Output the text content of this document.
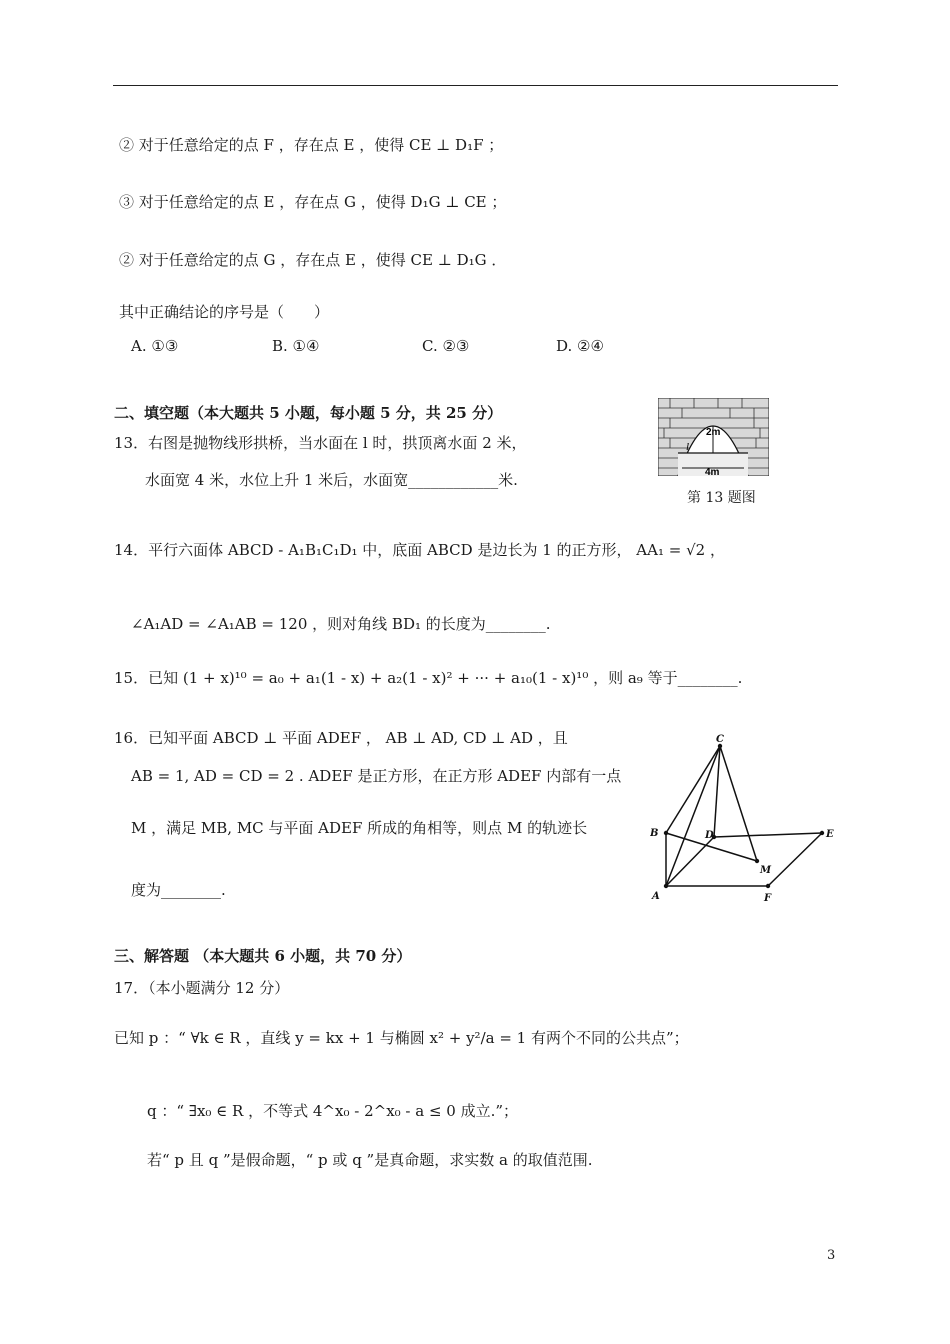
② 对于任意给定的点 F ，存在点 E ，使得 CE ⊥ D₁F ；
③ 对于任意给定的点 E ，存在点 G ，使得 D₁G ⊥ CE ；
② 对于任意给定的点 G ，存在点 E ，使得 CE ⊥ D₁G ．
其中正确结论的序号是（　　）
A. ①③	B. ①④	C. ②③	D. ②④
二、填空题（本大题共 5 小题，每小题 5 分，共 25 分）
13．右图是抛物线形拱桥，当水面在 l 时，拱顶离水面 2 米，
水面宽 4 米，水位上升 1 米后，水面宽____________米.
2m
4m
l
第 13 题图
14．平行六面体 ABCD - A₁B₁C₁D₁ 中，底面 ABCD 是边长为 1 的正方形， AA₁ = √2 ，
∠A₁AD = ∠A₁AB = 120 ，则对角线 BD₁ 的长度为________.
15．已知 (1 + x)¹⁰ = a₀ + a₁(1 - x) + a₂(1 - x)² + ··· + a₁₀(1 - x)¹⁰ ，则 a₉ 等于________.
16．已知平面 ABCD ⊥ 平面 ADEF ， AB ⊥ AD, CD ⊥ AD ，且
AB = 1, AD = CD = 2 . ADEF 是正方形，在正方形 ADEF 内部有一点
M ，满足 MB, MC 与平面 ADEF 所成的角相等，则点 M 的轨迹长
度为________.
C
B	D	E
M
A	F
三、解答题 （本大题共 6 小题，共 70 分）
17．（本小题满分 12 分）
已知 p ：“ ∀k ∈ R ，直线 y = kx + 1 与椭圆 x² + y²/a = 1 有两个不同的公共点”；
q ：“ ∃x₀ ∈ R ，不等式 4^x₀ - 2^x₀ - a ≤ 0 成立.”；
若“ p 且 q ”是假命题，“ p 或 q ”是真命题，求实数 a 的取值范围.
3
